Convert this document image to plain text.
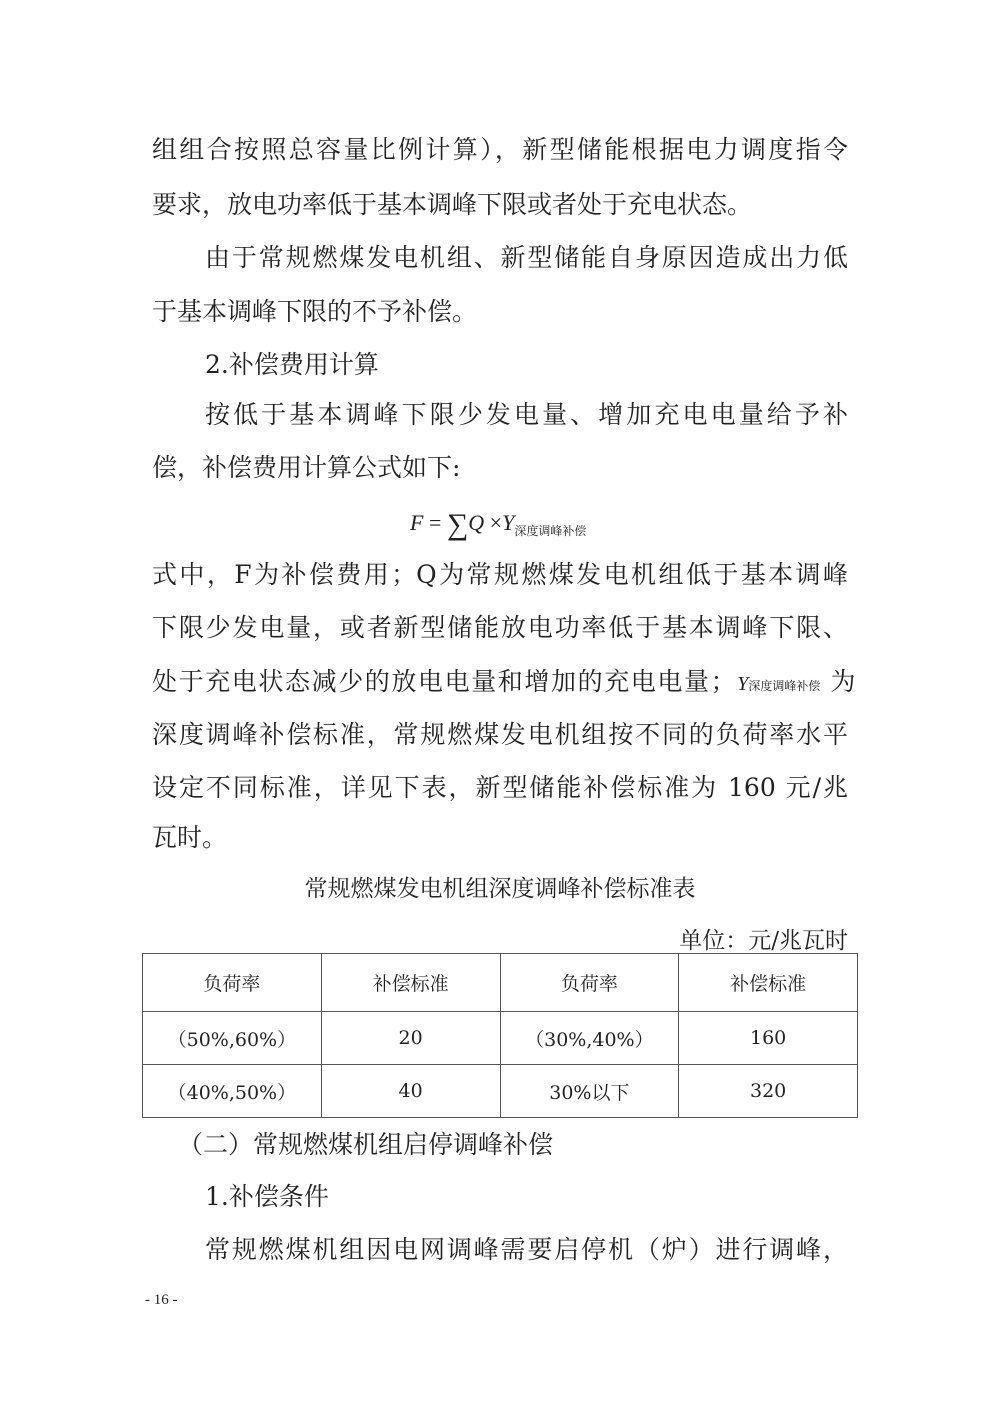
组组合按照总容量比例计算），新型储能根据电力调度指令
要求，放电功率低于基本调峰下限或者处于充电状态。
由于常规燃煤发电机组、新型储能自身原因造成出力低
于基本调峰下限的不予补偿。
2.补偿费用计算
按低于基本调峰下限少发电量、增加充电电量给予补
偿，补偿费用计算公式如下:
$F = \sum Q \times Y_{深度调峰补偿}$
式中，F为补偿费用；Q为常规燃煤发电机组低于基本调峰
下限少发电量，或者新型储能放电功率低于基本调峰下限、
处于充电状态减少的放电电量和增加的充电电量； Y 深度调峰补偿 为
深度调峰补偿标准，常规燃煤发电机组按不同的负荷率水平
设定不同标准，详见下表，新型储能补偿标准为 160 元/兆
瓦时。
常规燃煤发电机组深度调峰补偿标准表
单位：元/兆瓦时
负荷率	补偿标准	负荷率	补偿标准
（50%,60%）	20	（30%,40%）	160
（40%,50%）	40	30%以下	320
（二）常规燃煤机组启停调峰补偿
1.补偿条件
常规燃煤机组因电网调峰需要启停机（炉）进行调峰，
- 16 -
